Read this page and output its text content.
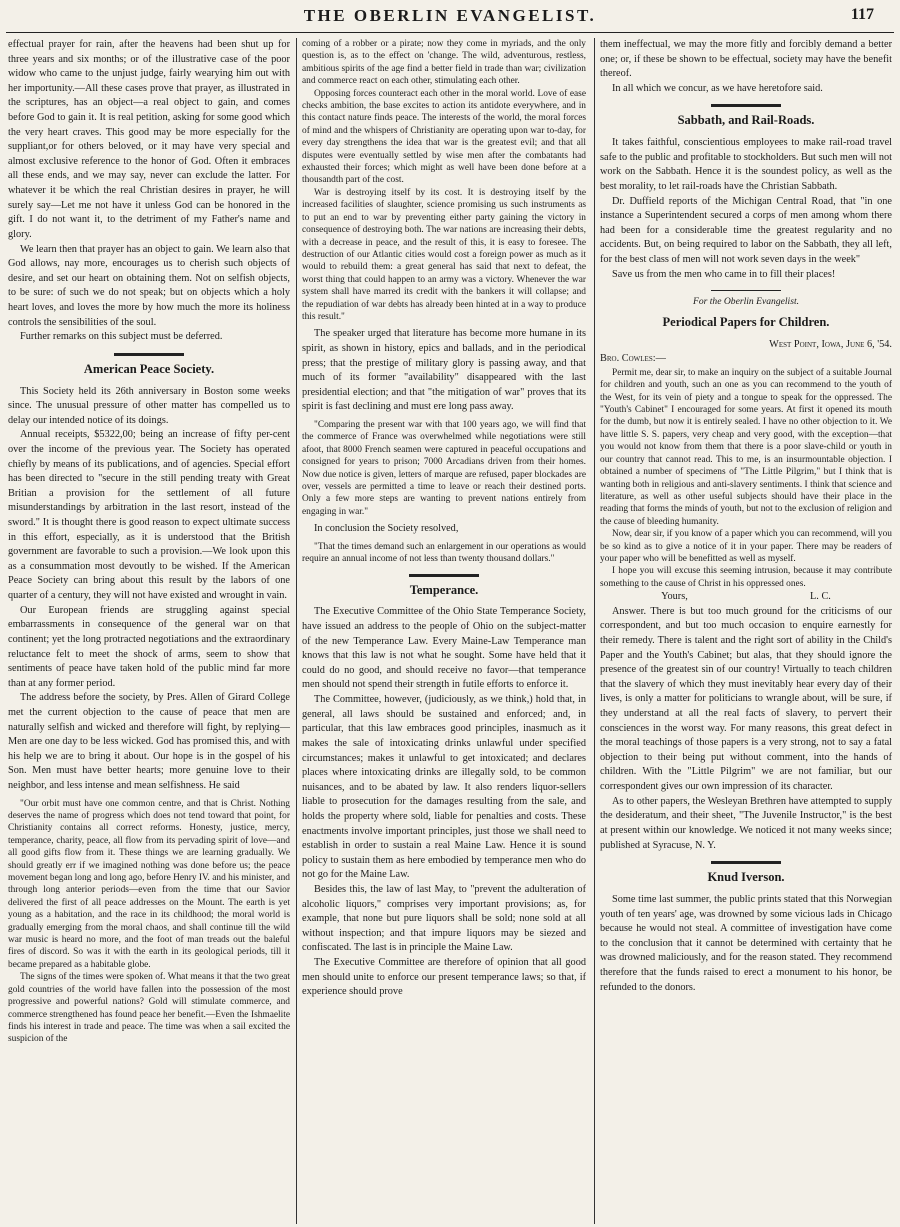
THE OBERLIN EVANGELIST.	117

effectual prayer for rain, after the heavens had been shut up for three years and six months; or of the illustrative case of the poor widow who came to the unjust judge, fairly wearying him out with her importunity.—All these cases prove that prayer, as illustrated in the scriptures, has an object—a real object to gain, and comes before God to gain it. It is real petition, asking for some good which the very heart craves. This good may be more especially for the suppliant,or for others beloved, or it may have very special and almost exclusive reference to the honor of God. Often it embraces all these ends, and we may say, never can exclude the latter. For whatever it be which the real Christian desires in prayer, he will surely say—Let me not have it unless God can be honored in the gift. I do not want it, to the detriment of my Father's name and glory.

We learn then that prayer has an object to gain. We learn also that God allows, nay more, encourages us to cherish such objects of desire, and set our heart on obtaining them. Not on selfish objects, to be sure: of such we do not speak; but on objects which a holy heart loves, and loves the more by how much the more its holiness controls the sensibilities of the soul.

Further remarks on this subject must be deferred.

American Peace Society.

This Society held its 26th anniversary in Boston some weeks since. The unusual pressure of other matter has compelled us to delay our intended notice of its doings.

Annual receipts, $5322,00; being an increase of fifty per-cent over the income of the previous year. The Society has operated chiefly by means of its publications, and of agencies. Special effort has been directed to "secure in the still pending treaty with Great Britian a provision for the settlement of all future misunderstandings by arbitration in the last resort, instead of the sword." It is thought there is good reason to expect ultimate success in this effort, especially, as it is understood that the British government are favorable to such a provision.—We look upon this as a consummation most devoutly to be wished. If the American Peace Society can bring about this result by the labors of one quarter of a century, they will not have existed and wrought in vain.

Our European friends are struggling against special embarrassments in consequence of the general war on that continent; yet the long protracted negotiations and the extraordinary reluctance felt to meet the shock of arms, seem to show that sentiments of peace have taken hold of the public mind far more than at any former period.

The address before the society, by Pres. Allen of Girard College met the current objection to the cause of peace that men are naturally selfish and wicked and therefore will fight, by replying—Men are one day to be less wicked. God has promised this, and with his help we are to bring it about. Our hope is in the gospel of his Son. Men must have better hearts; more genuine love to their neighbor, and less intense and mean selfishness. He said

"Our orbit must have one common centre, and that is Christ. Nothing deserves the name of progress which does not tend toward that point, for Christianity contains all correct reforms. Honesty, justice, mercy, temperance, charity, peace, all flow from its pervading spirit of love—and all good gifts flow from it. These things we are learning gradually. We should greatly err if we imagined nothing was done before us; the peace movement began long and long ago, before Henry IV. and his minister, and through long anterior periods—even from the time that our Savior delivered the first of all peace addresses on the Mount. The earth is yet young as a habitation, and the race in its childhood; the moral world is gradually emerging from the moral chaos, and shall continue till the wild war music is heard no more, and the foot of man treads out the baleful fires of discord. So was it with the earth in its geological periods, till it became prepared as a habitable globe.

The signs of the times were spoken of. What means it that the two great gold countries of the world have fallen into the possession of the most progressive and powerful nations? Gold will stimulate commerce, and commerce strengthened has found peace her benefit.—Even the Ishmaelite finds his interest in trade and peace. The time was when a sail excited the suspicion of the

coming of a robber or a pirate; now they come in myriads, and the only question is, as to the effect on 'change. The wild, adventurous, restless, ambitious spirits of the age find a better field in trade than war; civilization and commerce react on each other, stimulating each other.

Opposing forces counteract each other in the moral world. Love of ease checks ambition, the base excites to action its antidote everywhere, and in this contact nature finds peace. The interests of the world, the moral forces of mind and the whispers of Christianity are operating upon war to-day, for every day strengthens the idea that war is the greatest evil; and that all disputes were eventually settled by wise men after the combatants had exhausted their forces; which might as well have been done before at a thousandth part of the cost.

War is destroying itself by its cost. It is destroying itself by the increased facilities of slaughter, science promising us such instruments as to put an end to war by preventing either party gaining the victory in consequence of destroying both. The war nations are increasing their debts, with a decrease in peace, and the result of this, it is easy to foresee. The destruction of our Atlantic cities would cost a foreign power as much as it would to rebuild them: a great general has said that next to defeat, the worst thing that could happen to an army was a victory. Whenever the war system shall have marred its credit with the bankers it will collapse; and the repudiation of war debts has already been hinted at in a way to produce this result."

The speaker urged that literature has become more humane in its spirit, as shown in history, epics and ballads, and in the periodical press; that the prestige of military glory is passing away, and that much of its former "availability" disappeared with the last presidential election; and that "the mitigation of war" proves that its spirit is fast declining and must ere long pass away.

"Comparing the present war with that 100 years ago, we will find that the commerce of France was overwhelmed while negotiations were still afoot, that 8000 French seamen were captured in peaceful occupations and consigned for years to prison; 7000 Arcadians driven from their homes. Now due notice is given, letters of marque are refused, paper blockades are over, vessels are permitted a time to leave or reach their destined ports. Only a few more steps are wanting to prevent nations entirely from engaging in war."

In conclusion the Society resolved,

"That the times demand such an enlargement in our operations as would require an annual income of not less than twenty thousand dollars."

Temperance.

The Executive Committee of the Ohio State Temperance Society, have issued an address to the people of Ohio on the subject-matter of the new Temperance Law. Every Maine-Law Temperance man knows that this law is not what he sought. Some have held that it could do no good, and should receive no favor—that temperance men should not spend their strength in futile efforts to enforce it.

The Committee, however, (judiciously, as we think,) hold that, in general, all laws should be sustained and enforced; and, in particular, that this law embraces good principles, inasmuch as it makes the sale of intoxicating drinks unlawful under specified circumstances; makes it unlawful to get intoxicated; and declares places where intoxicating drinks are illegally sold, to be common nuisances, and to be abated by law. It also renders liquor-sellers liable to prosecution for the damages resulting from the sale, and holds the property where sold, liable for penalties and costs. These enactments involve important principles, just those we shall need to establish in order to sustain a real Maine Law. Hence it is sound policy to sustain them as here embodied by temperance men who do not go for the Maine Law.

Besides this, the law of last May, to "prevent the adulteration of alcoholic liquors," comprises very important provisions; as, for example, that none but pure liquors shall be sold; none sold at all without inspection; and that impure liquors may be siezed and confiscated. The last is in principle the Maine Law.

The Executive Committee are therefore of opinion that all good men should unite to enforce our present temperance laws; so that, if experience should prove

them ineffectual, we may the more fitly and forcibly demand a better one; or, if these be shown to be effectual, society may have the benefit thereof.

In all which we concur, as we have heretofore said.

Sabbath, and Rail-Roads.

It takes faithful, conscientious employees to make rail-road travel safe to the public and profitable to stockholders. But such men will not work on the Sabbath. Hence it is the soundest policy, as well as the best morality, to let rail-roads have the Christian Sabbath.

Dr. Duffield reports of the Michigan Central Road, that "in one instance a Superintendent secured a corps of men among whom there had been for a considerable time the greatest regularity and no accidents. But, on being required to labor on the Sabbath, they all left, for the best class of men will not work seven days in the week"

Save us from the men who came in to fill their places!

For the Oberlin Evangelist.
Periodical Papers for Children.

West Point, Iowa, June 6, '54.

Bro. Cowles:—

Permit me, dear sir, to make an inquiry on the subject of a suitable Journal for children and youth, such an one as you can recommend to the youth of the West, for its vein of piety and a tongue to speak for the oppressed. The "Youth's Cabinet" I encouraged for some years. At first it opened its mouth for the dumb, but now it is entirely sealed. I have no other objection to it. We have little S. S. papers, very cheap and very good, with the exception—that you would not know from them that there is a poor slave-child or youth in our country that cannot read. This to me, is an insurmountable objection. I obtained a number of specimens of "The Little Pilgrim," but I think that is wanting both in religious and anti-slavery sentiments. I think that science and literature, as well as other useful subjects should have their place in the reading that forms the minds of youth, but not to the exclusion of religion and the cause of bleeding humanity.

Now, dear sir, if you know of a paper which you can recommend, will you be so kind as to give a notice of it in your paper. There may be readers of your paper who will be benefitted as well as myself.

I hope you will excuse this seeming intrusion, because it may contribute something to the cause of Christ in his oppressed ones.

Yours,	L. C.

Answer. There is but too much ground for the criticisms of our correspondent, and but too much occasion to enquire earnestly for their remedy. There is talent and the right sort of ability in the Child's Paper and the Youth's Cabinet; but alas, that they should ignore the presence of the greatest sin of our country! Virtually to teach children that the slavery of which they must inevitably hear every day of their lives, is only a matter for politicians to wrangle about, will be sure, if they understand at all the real facts of slavery, to pervert their consciences in the worst way. For many reasons, this great defect in the moral teachings of those papers is a very strong, not to say a fatal objection to their being put without comment, into the hands of children. With the "Little Pilgrim" we are not familiar, but our correspondent gives our own impression of its character.

As to other papers, the Wesleyan Brethren have attempted to supply the desideratum, and their sheet, "The Juvenile Instructor," is the best at present within our knowledge. We noticed it not many weeks since; published at Syracuse, N. Y.

Knud Iverson.

Some time last summer, the public prints stated that this Norwegian youth of ten years' age, was drowned by some vicious lads in Chicago because he would not steal. A committee of investigation have come to the conclusion that it cannot be determined with certainty that he was drowned maliciously, and for the reason stated. They recommend therefore that the funds raised to erect a monument to his honor, be refunded to the donors.
